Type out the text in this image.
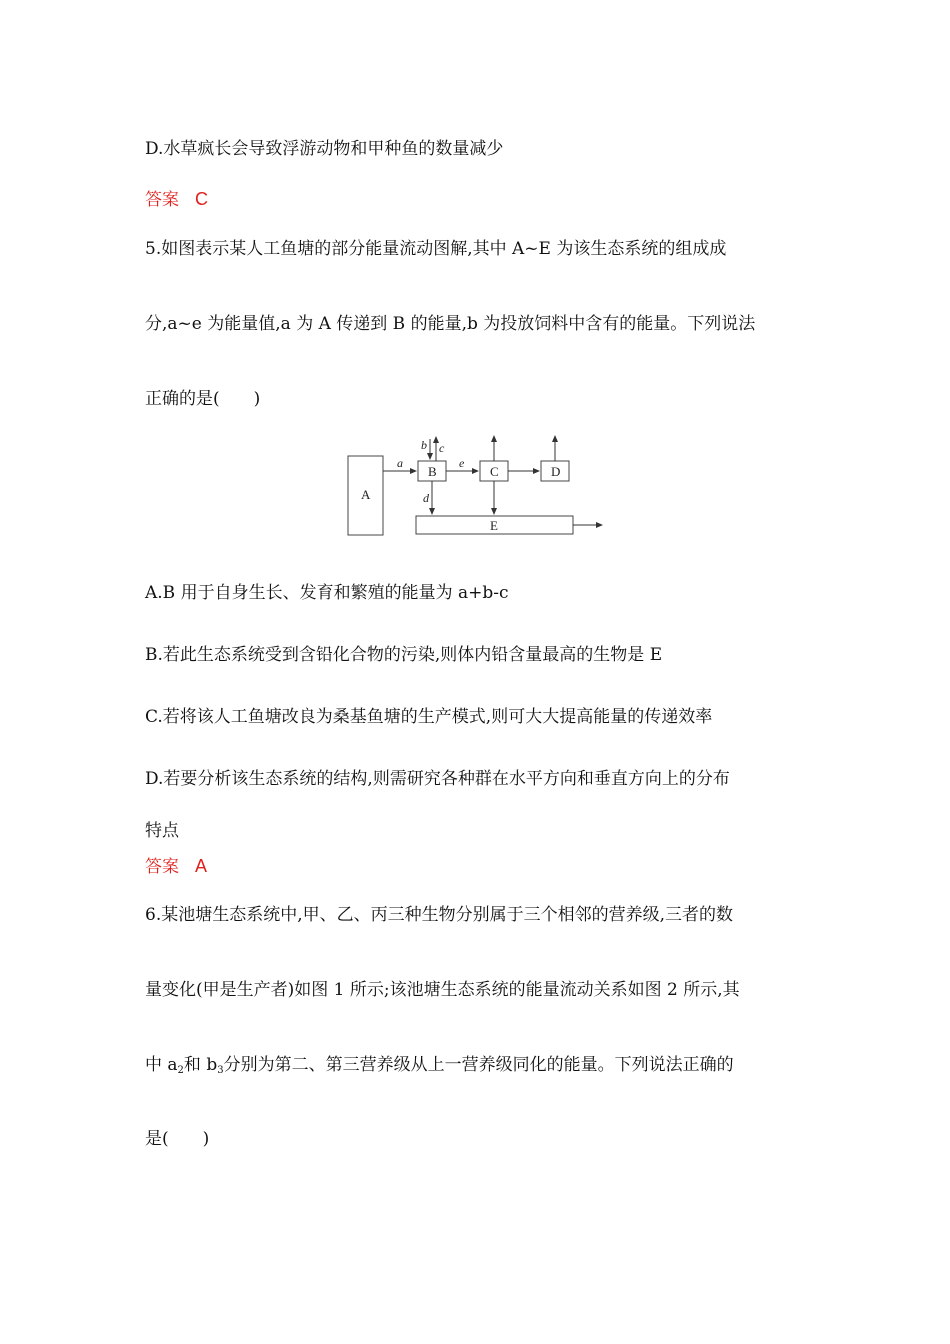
D.水草疯长会导致浮游动物和甲种鱼的数量减少
答案 C
5.如图表示某人工鱼塘的部分能量流动图解,其中 A~E 为该生态系统的组成成
分,a~e 为能量值,a 为 A 传递到 B 的能量,b 为投放饲料中含有的能量。下列说法
正确的是(　　)
A
B	C	D
E
a
b c
d
e
A.B 用于自身生长、发育和繁殖的能量为 a+b-c
B.若此生态系统受到含铅化合物的污染,则体内铅含量最高的生物是 E
C.若将该人工鱼塘改良为桑基鱼塘的生产模式,则可大大提高能量的传递效率
D.若要分析该生态系统的结构,则需研究各种群在水平方向和垂直方向上的分布
特点
答案 A
6.某池塘生态系统中,甲、乙、丙三种生物分别属于三个相邻的营养级,三者的数
量变化(甲是生产者)如图 1 所示;该池塘生态系统的能量流动关系如图 2 所示,其
中 $a_2$和 $b_3$分别为第二、第三营养级从上一营养级同化的能量。下列说法正确的
是(　　)
